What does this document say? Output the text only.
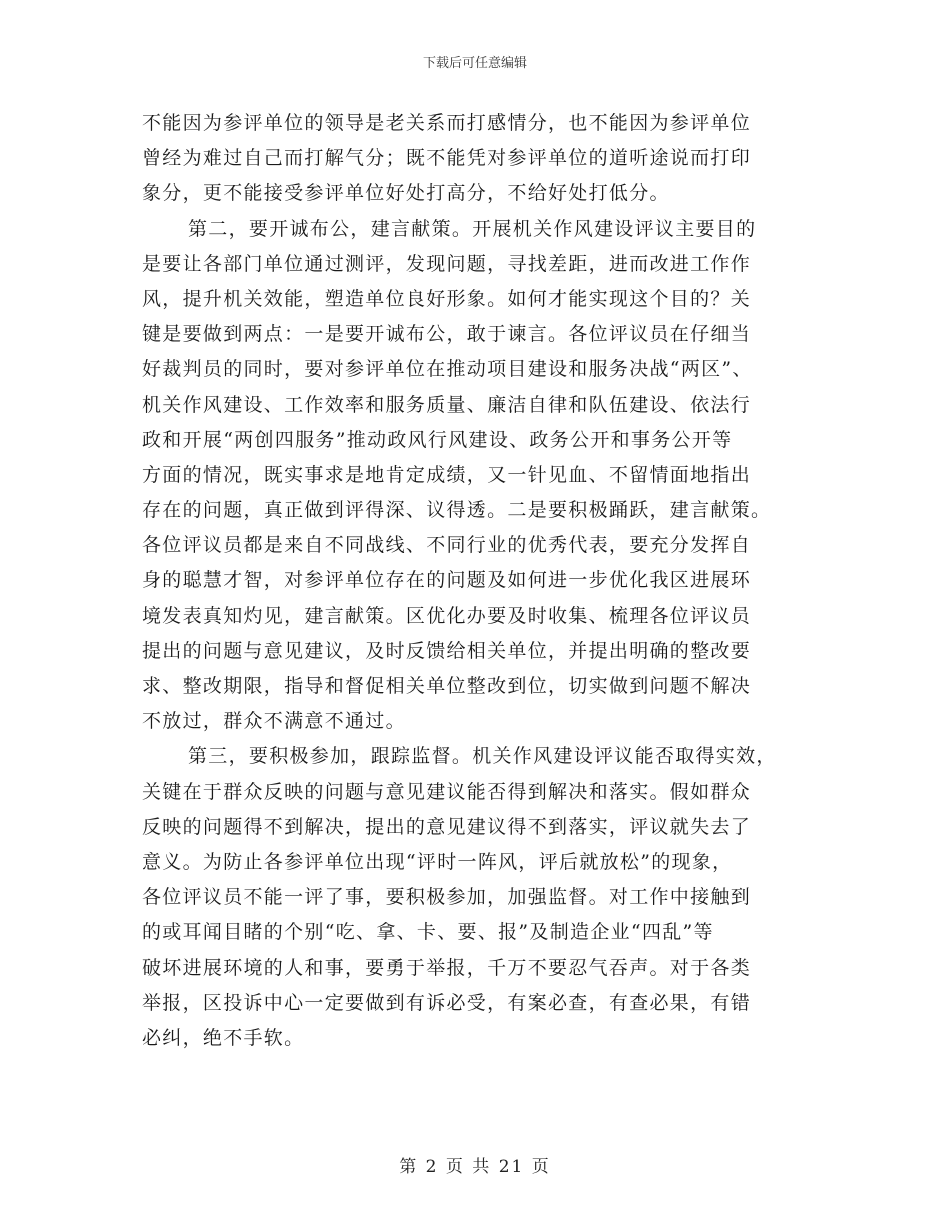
下载后可任意编辑
不能因为参评单位的领导是老关系而打感情分，也不能因为参评单位
曾经为难过自己而打解气分；既不能凭对参评单位的道听途说而打印
象分，更不能接受参评单位好处打高分，不给好处打低分。
第二，要开诚布公，建言献策。开展机关作风建设评议主要目的
是要让各部门单位通过测评，发现问题，寻找差距，进而改进工作作
风，提升机关效能，塑造单位良好形象。如何才能实现这个目的？关
键是要做到两点：一是要开诚布公，敢于谏言。各位评议员在仔细当
好裁判员的同时，要对参评单位在推动项目建设和服务决战“两区”、
机关作风建设、工作效率和服务质量、廉洁自律和队伍建设、依法行
政和开展“两创四服务”推动政风行风建设、政务公开和事务公开等
方面的情况，既实事求是地肯定成绩，又一针见血、不留情面地指出
存在的问题，真正做到评得深、议得透。二是要积极踊跃，建言献策。
各位评议员都是来自不同战线、不同行业的优秀代表，要充分发挥自
身的聪慧才智，对参评单位存在的问题及如何进一步优化我区进展环
境发表真知灼见，建言献策。区优化办要及时收集、梳理各位评议员
提出的问题与意见建议，及时反馈给相关单位，并提出明确的整改要
求、整改期限，指导和督促相关单位整改到位，切实做到问题不解决
不放过，群众不满意不通过。
第三，要积极参加，跟踪监督。机关作风建设评议能否取得实效，
关键在于群众反映的问题与意见建议能否得到解决和落实。假如群众
反映的问题得不到解决，提出的意见建议得不到落实，评议就失去了
意义。为防止各参评单位出现“评时一阵风，评后就放松”的现象，
各位评议员不能一评了事，要积极参加，加强监督。对工作中接触到
的或耳闻目睹的个别“吃、拿、卡、要、报”及制造企业“四乱”等
破坏进展环境的人和事，要勇于举报，千万不要忍气吞声。对于各类
举报，区投诉中心一定要做到有诉必受，有案必查，有查必果，有错
必纠，绝不手软。
第 2 页 共 21 页
